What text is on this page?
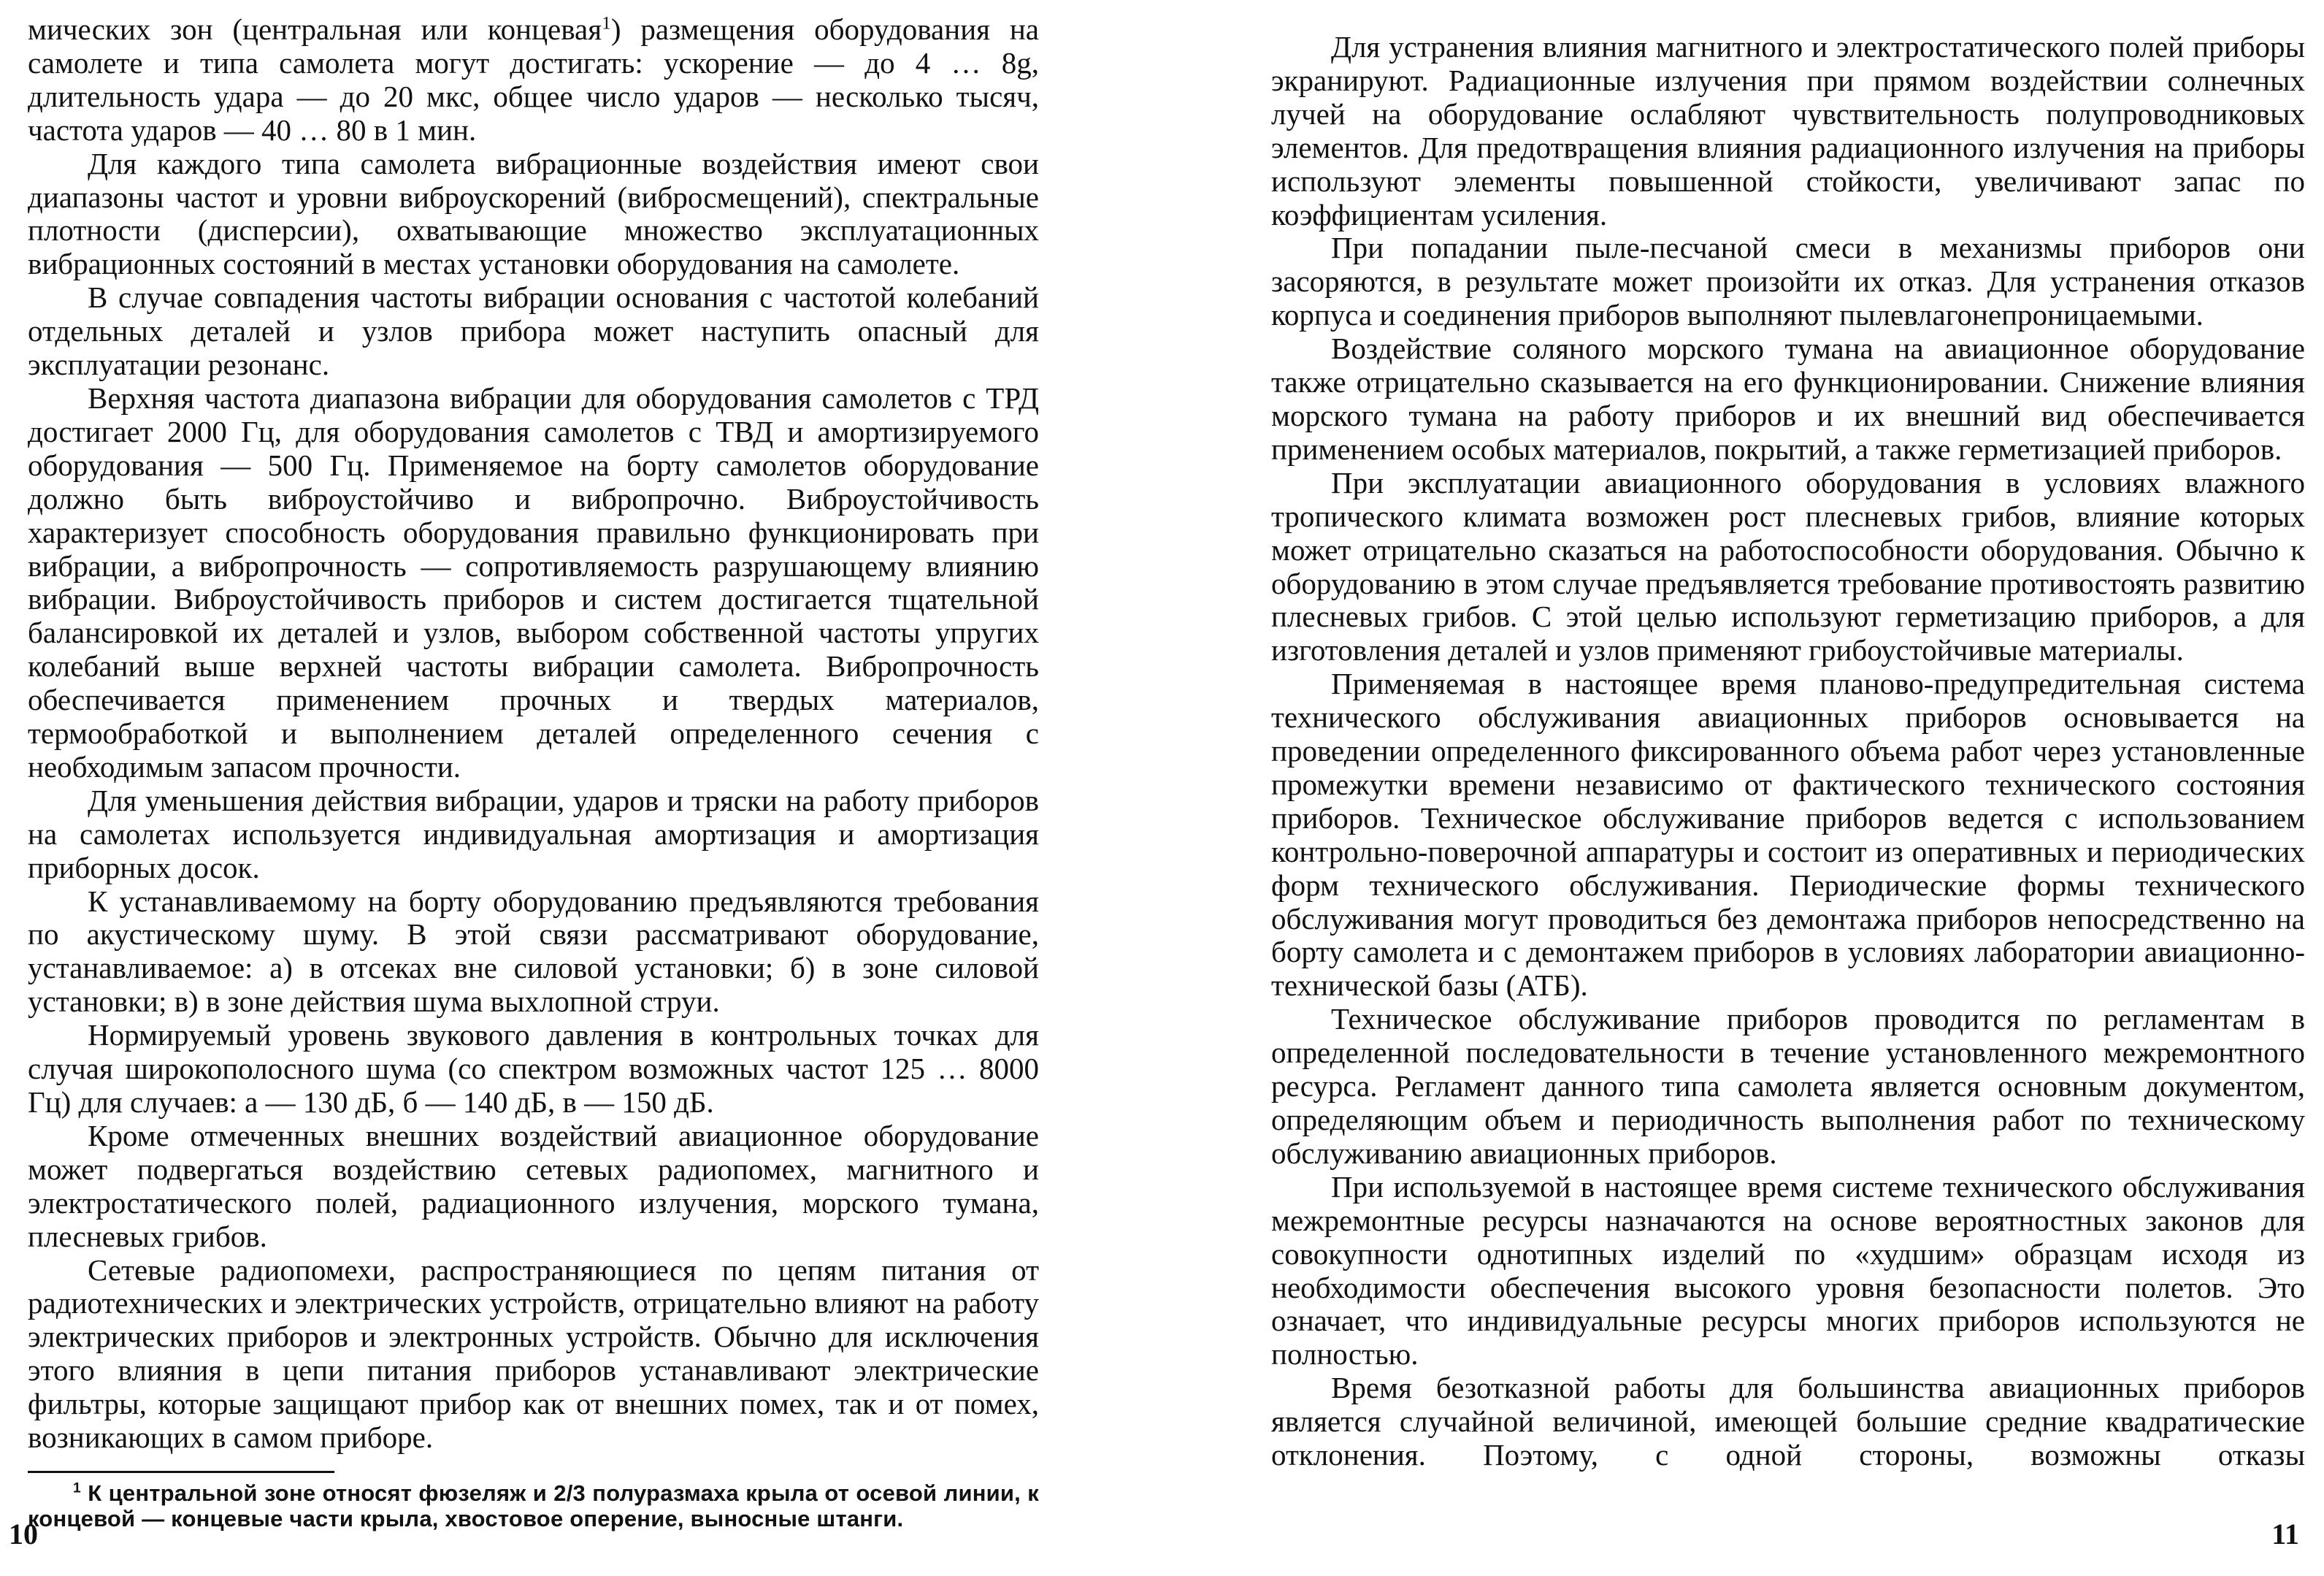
мических зон (центральная или концевая$^1$) размещения оборудования на самолете и типа самолета могут достигать: ускорение — до 4 … 8g, длительность удара — до 20 мкс, общее число ударов — несколько тысяч, частота ударов — 40 … 80 в 1 мин.

Для каждого типа самолета вибрационные воздействия имеют свои диапазоны частот и уровни виброускорений (вибросмещений), спектральные плотности (дисперсии), охватывающие множество эксплуатационных вибрационных состояний в местах установки оборудования на самолете.

В случае совпадения частоты вибрации основания с частотой колебаний отдельных деталей и узлов прибора может наступить опасный для эксплуатации резонанс.

Верхняя частота диапазона вибрации для оборудования самолетов с ТРД достигает 2000 Гц, для оборудования самолетов с ТВД и амортизируемого оборудования — 500 Гц. Применяемое на борту самолетов оборудование должно быть виброустойчиво и вибропрочно. Виброустойчивость характеризует способность оборудования правильно функционировать при вибрации, а вибропрочность — сопротивляемость разрушающему влиянию вибрации. Виброустойчивость приборов и систем достигается тщательной балансировкой их деталей и узлов, выбором собственной частоты упругих колебаний выше верхней частоты вибрации самолета. Вибропрочность обеспечивается применением прочных и твердых материалов, термообработкой и выполнением деталей определенного сечения с необходимым запасом прочности.

Для уменьшения действия вибрации, ударов и тряски на работу приборов на самолетах используется индивидуальная амортизация и амортизация приборных досок.

К устанавливаемому на борту оборудованию предъявляются требования по акустическому шуму. В этой связи рассматривают оборудование, устанавливаемое: а) в отсеках вне силовой установки; б) в зоне силовой установки; в) в зоне действия шума выхлопной струи.

Нормируемый уровень звукового давления в контрольных точках для случая широкополосного шума (со спектром возможных частот 125 … 8000 Гц) для случаев: а — 130 дБ, б — 140 дБ, в — 150 дБ.

Кроме отмеченных внешних воздействий авиационное оборудование может подвергаться воздействию сетевых радиопомех, магнитного и электростатического полей, радиационного излучения, морского тумана, плесневых грибов.

Сетевые радиопомехи, распространяющиеся по цепям питания от радиотехнических и электрических устройств, отрицательно влияют на работу электрических приборов и электронных устройств. Обычно для исключения этого влияния в цепи питания приборов устанавливают электрические фильтры, которые защищают прибор как от внешних помех, так и от помех, возникающих в самом приборе.

$^1$ К центральной зоне относят фюзеляж и 2/3 полуразмаха крыла от осевой линии, к концевой — концевые части крыла, хвостовое оперение, выносные штанги.

10

Для устранения влияния магнитного и электростатического полей приборы экранируют. Радиационные излучения при прямом воздействии солнечных лучей на оборудование ослабляют чувствительность полупроводниковых элементов. Для предотвращения влияния радиационного излучения на приборы используют элементы повышенной стойкости, увеличивают запас по коэффициентам усиления.

При попадании пыле-песчаной смеси в механизмы приборов они засоряются, в результате может произойти их отказ. Для устранения отказов корпуса и соединения приборов выполняют пылевлагонепроницаемыми.

Воздействие соляного морского тумана на авиационное оборудование также отрицательно сказывается на его функционировании. Снижение влияния морского тумана на работу приборов и их внешний вид обеспечивается применением особых материалов, покрытий, а также герметизацией приборов.

При эксплуатации авиационного оборудования в условиях влажного тропического климата возможен рост плесневых грибов, влияние которых может отрицательно сказаться на работоспособности оборудования. Обычно к оборудованию в этом случае предъявляется требование противостоять развитию плесневых грибов. С этой целью используют герметизацию приборов, а для изготовления деталей и узлов применяют грибоустойчивые материалы.

Применяемая в настоящее время планово-предупредительная система технического обслуживания авиационных приборов основывается на проведении определенного фиксированного объема работ через установленные промежутки времени независимо от фактического технического состояния приборов. Техническое обслуживание приборов ведется с использованием контрольно-поверочной аппаратуры и состоит из оперативных и периодических форм технического обслуживания. Периодические формы технического обслуживания могут проводиться без демонтажа приборов непосредственно на борту самолета и с демонтажем приборов в условиях лаборатории авиационно-технической базы (АТБ).

Техническое обслуживание приборов проводится по регламентам в определенной последовательности в течение установленного межремонтного ресурса. Регламент данного типа самолета является основным документом, определяющим объем и периодичность выполнения работ по техническому обслуживанию авиационных приборов.

При используемой в настоящее время системе технического обслуживания межремонтные ресурсы назначаются на основе вероятностных законов для совокупности однотипных изделий по «худшим» образцам исходя из необходимости обеспечения высокого уровня безопасности полетов. Это означает, что индивидуальные ресурсы многих приборов используются не полностью.

Время безотказной работы для большинства авиационных приборов является случайной величиной, имеющей большие средние квадратические отклонения. Поэтому, с одной стороны, возможны отказы

11
